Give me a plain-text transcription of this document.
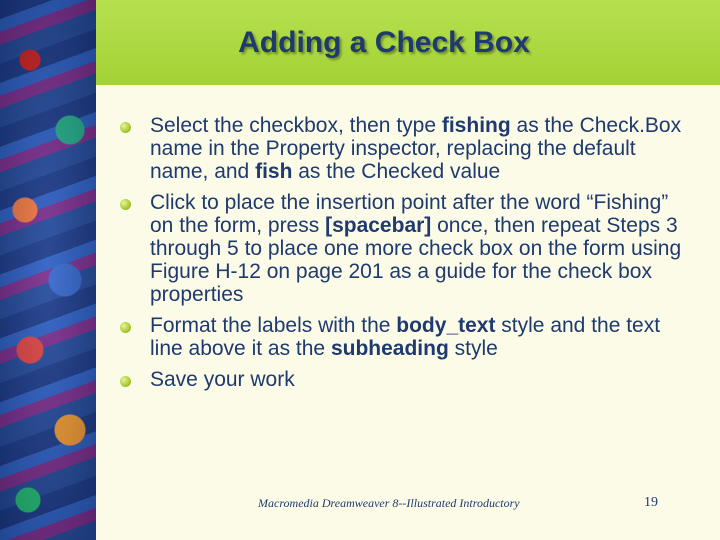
Adding a Check Box
Select the checkbox, then type fishing as the Check.Box name in the Property inspector, replacing the default name, and fish as the Checked value
Click to place the insertion point after the word “Fishing” on the form, press [spacebar] once, then repeat Steps 3 through 5 to place one more check box on the form using Figure H-12 on page 201 as a guide for the check box properties
Format the labels with the body_text style and the text line above it as the subheading style
Save your work
Macromedia Dreamweaver 8--Illustrated Introductory	19
